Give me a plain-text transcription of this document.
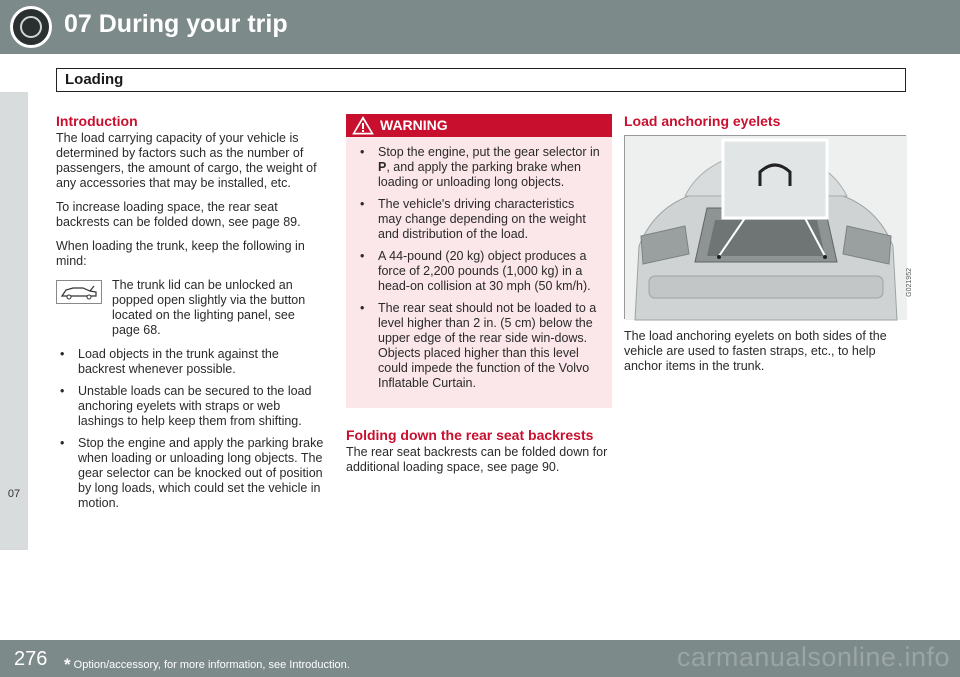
07 During your trip
Loading
07
Introduction

The load carrying capacity of your vehicle is determined by factors such as the number of passengers, the amount of cargo, the weight of any accessories that may be installed, etc.

To increase loading space, the rear seat backrests can be folded down, see page 89.

When loading the trunk, keep the following in mind:

The trunk lid can be unlocked an popped open slightly via the button located on the lighting panel, see page 68.

• Load objects in the trunk against the backrest whenever possible.
• Unstable loads can be secured to the load anchoring eyelets with straps or web lashings to help keep them from shifting.
• Stop the engine and apply the parking brake when loading or unloading long objects. The gear selector can be knocked out of position by long loads, which could set the vehicle in motion.
WARNING
• Stop the engine, put the gear selector in P, and apply the parking brake when loading or unloading long objects.
• The vehicle's driving characteristics may change depending on the weight and distribution of the load.
• A 44-pound (20 kg) object produces a force of 2,200 pounds (1,000 kg) in a head-on collision at 30 mph (50 km/h).
• The rear seat should not be loaded to a level higher than 2 in. (5 cm) below the upper edge of the rear side win-dows. Objects placed higher than this level could impede the function of the Volvo Inflatable Curtain.
Folding down the rear seat backrests

The rear seat backrests can be folded down for additional loading space, see page 90.

Load anchoring eyelets
G021952

The load anchoring eyelets on both sides of the vehicle are used to fasten straps, etc., to help anchor items in the trunk.

276 * Option/accessory, for more information, see Introduction.	carmanualsonline.info
